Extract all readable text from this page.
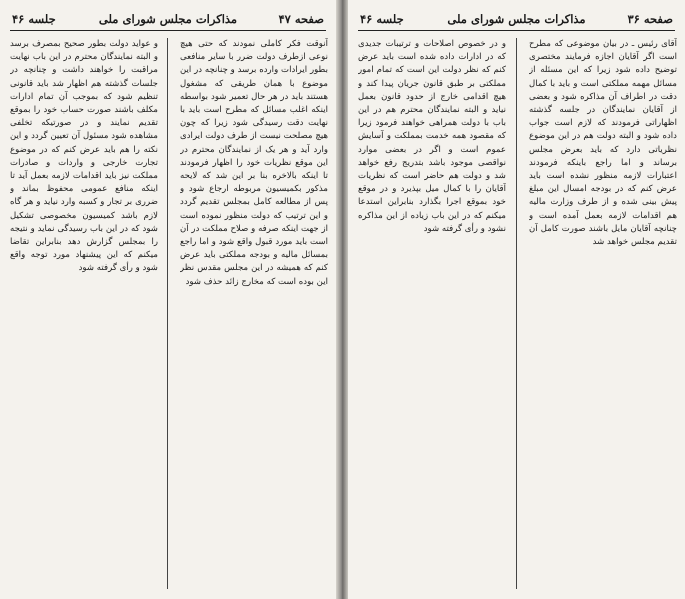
صفحه ۴۷
مذاکرات مجلس شورای ملی
جلسه ۴۶

آنوقت فکر کاملی نمودند که حتی هیچ نوعی ازطرف دولت ضرر با سایر منافعی بطور ایرادات وارده برسد و چنانچه در این موضوع با همان طریقی که مشغول هستند باید در هر حال تعمیر شود بواسطه اینکه اغلب مسائل که مطرح است باید با نهایت دقت رسیدگی شود زیرا که چون هیچ مصلحت نیست از طرف دولت ایرادی وارد آید و هر یک از نمایندگان محترم در این موقع نظریات خود را اظهار فرمودند تا اینکه بالاخره بنا بر این شد که لایحه مذکور بکمیسیون مربوطه ارجاع شود و پس از مطالعه کامل بمجلس تقدیم گردد و این ترتیب که دولت منظور نموده است از جهت اینکه صرفه و صلاح مملکت در آن است باید مورد قبول واقع شود و اما راجع بمسائل مالیه و بودجه مملکتی باید عرض کنم که همیشه در این مجلس مقدس نظر این بوده است که مخارج زائد حذف شود

و عواید دولت بطور صحیح بمصرف برسد و البته نمایندگان محترم در این باب نهایت مراقبت را خواهند داشت و چنانچه در جلسات گذشته هم اظهار شد باید قانونی تنظیم شود که بموجب آن تمام ادارات مکلف باشند صورت حساب خود را بموقع تقدیم نمایند و در صورتیکه تخلفی مشاهده شود مسئول آن تعیین گردد و این نکته را هم باید عرض کنم که در موضوع تجارت خارجی و واردات و صادرات مملکت نیز باید اقدامات لازمه بعمل آید تا اینکه منافع عمومی محفوظ بماند و ضرری بر تجار و کسبه وارد نیاید و هر گاه لازم باشد کمیسیون مخصوصی تشکیل شود که در این باب رسیدگی نماید و نتیجه را بمجلس گزارش دهد بنابراین تقاضا میکنم که این پیشنهاد مورد توجه واقع شود و رأی گرفته شود

صفحه ۳۶
مذاکرات مجلس شورای ملی
جلسه ۴۶

آقای رئیس ـ در بیان موضوعی که مطرح است اگر آقایان اجازه فرمایند مختصری توضیح داده شود زیرا که این مسئله از مسائل مهمه مملکتی است و باید با کمال دقت در اطراف آن مذاکره شود و بعضی از آقایان نمایندگان در جلسه گذشته اظهاراتی فرمودند که لازم است جواب داده شود و البته دولت هم در این موضوع نظریاتی دارد که باید بعرض مجلس برساند و اما راجع باینکه فرمودند اعتبارات لازمه منظور نشده است باید عرض کنم که در بودجه امسال این مبلغ پیش بینی شده و از طرف وزارت مالیه هم اقدامات لازمه بعمل آمده است و چنانچه آقایان مایل باشند صورت کامل آن تقدیم مجلس خواهد شد

و در خصوص اصلاحات و ترتیبات جدیدی که در ادارات داده شده است باید عرض کنم که نظر دولت این است که تمام امور مملکتی بر طبق قانون جریان پیدا کند و هیچ اقدامی خارج از حدود قانون بعمل نیاید و البته نمایندگان محترم هم در این باب با دولت همراهی خواهند فرمود زیرا که مقصود همه خدمت بمملکت و آسایش عموم است و اگر در بعضی موارد نواقصی موجود باشد بتدریج رفع خواهد شد و دولت هم حاضر است که نظریات آقایان را با کمال میل بپذیرد و در موقع خود بموقع اجرا بگذارد بنابراین استدعا میکنم که در این باب زیاده از این مذاکره نشود و رأی گرفته شود
